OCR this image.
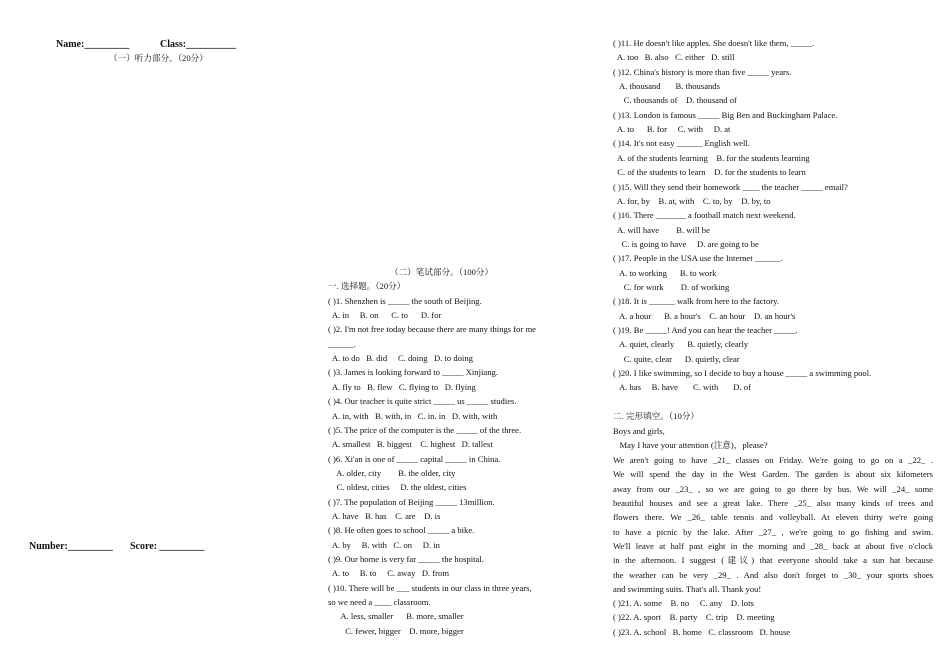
Name:_________	Class:__________
（一）听力部分。（20分）
Number:_________ Score: _________
（二）笔试部分。（100分）
一. 选择题。（20分）
( )1. Shenzhen is _____ the south of Beijing.
A. in     B. on      C. to      D. for
( )2. I'm not free today because there are many things for me
______.
A. to do   B. did     C. doing   D. to doing
( )3. James is looking forward to _____ Xinjiang.
A. fly to   B. flew   C. flying to   D. flying
( )4. Our teacher is quite strict _____ us _____ studies.
A. in, with   B. with, in   C. in. in   D. with, with
( )5. The price of the computer is the _____ of the three.
A. smallest   B. biggest    C. highest   D. tallest
( )6. Xi'an is one of _____ capital _____ in China.
A. older, city        B. the older, city
C. oldest, cities     D. the oldest, cities
( )7. The population of Beijing _____ 13million.
A. have   B. has    C. are    D. is
( )8. He often goes to school _____ a bike.
A. by     B. with   C. on     D. in
( )9. Our home is very far _____ the hospital.
A. to     B. to     C. away   D. from
( )10. There will be ___ students in our class in three years,
so we need a ____ classroom.
A. less, smaller      B. more, smaller
C. fewer, bigger    D. more, bigger
( )11. He doesn't like apples. She doesn't like them, _____.
A. too   B. also   C. either   D. still
( )12. China's history is more than five _____ years.
A. thousand       B. thousands
C. thousands of    D. thousand of
( )13. London is famous _____ Big Ben and Buckingham Palace.
A. to      B. for     C. with     D. at
( )14. It's not easy ______ English well.
A. of the students learning    B. for the students learning
C. of the students to learn    D. for the students to learn
( )15. Will they send their homework ____ the teacher _____ email?
A. for, by    B. at, with    C. to, by    D. by, to
( )16. There _______ a football match next weekend.
A. will have        B. will be
C. is going to have     D. are going to be
( )17. People in the USA use the Internet ______.
A. to working      B. to work
C. for work        D. of working
( )18. It is ______ walk from here to the factory.
A. a hour      B. a hour's    C. an hour    D. an hour's
( )19. Be _____! And you can hear the teacher _____.
A. quiet, clearly      B. quietly, clearly
C. quite, clear      D. quietly, clear
( )20. I like swimming, so I decide to buy a house _____ a swimming pool.
A. has     B. have       C. with       D. of
二. 完形填空。（10分）
Boys and girls,
May I have your attention (注意)，please?
We aren't going to have _21_ classes on Friday. We're going to go on a _22_ .
We will spend the day in the West Garden. The garden is about six kilometers
away from our _23_ , so we are going to go there by bus. We will _24_ some
beautiful houses and see a great lake. There _25_ also many kinds of trees and
flowers there. We _26_ table tennis and volleyball. At eleven thirty we're going
to have a picnic by the lake. After _27_ , we're going to go fishing and swim.
We'll leave at half past eight in the morning and _28_ back at about five o'clock
in the afternoon. I suggest (建议) that everyone should take a sun hat because
the weather can be very _29_ . And also don't forget to _30_ your sports shoes
and swimming suits. That's all. Thank you!
( )21. A. some    B. no     C. any    D. lots
( )22. A. sport    B. party    C. trip    D. meeting
( )23. A. school   B. home   C. classroom   D. house
